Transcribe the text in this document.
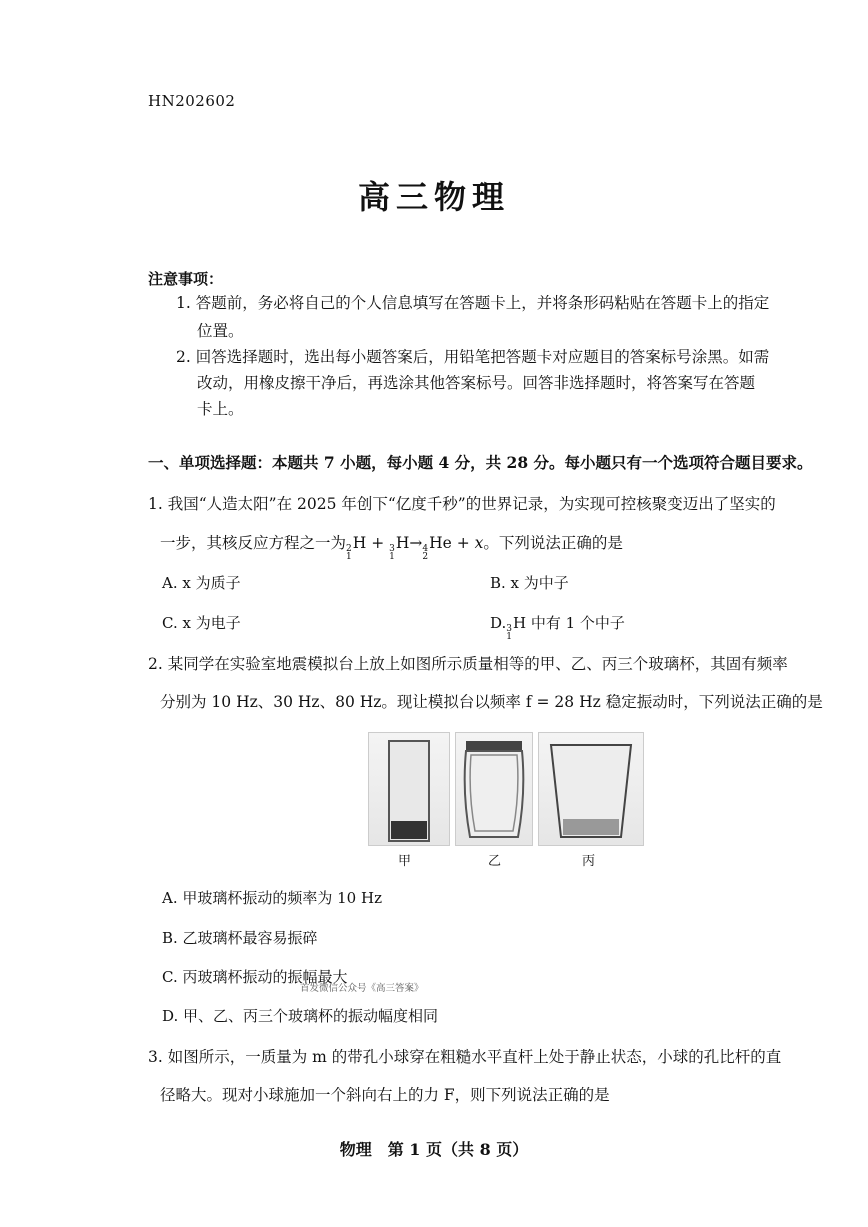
HN202602
高三物理
注意事项：
1. 答题前，务必将自己的个人信息填写在答题卡上，并将条形码粘贴在答题卡上的指定
位置。
2. 回答选择题时，选出每小题答案后，用铅笔把答题卡对应题目的答案标号涂黑。如需
改动，用橡皮擦干净后，再选涂其他答案标号。回答非选择题时，将答案写在答题
卡上。
一、单项选择题：本题共 7 小题，每小题 4 分，共 28 分。每小题只有一个选项符合题目要求。
1. 我国“人造太阳”在 2025 年创下“亿度千秒”的世界记录，为实现可控核聚变迈出了坚实的
一步，其核反应方程之一为 2
1
H + 3
1
H→ 4
2
He + x。下列说法正确的是
A. x 为质子	B. x 为中子
C. x 为电子	D. 3
1
H 中有 1 个中子
2. 某同学在实验室地震模拟台上放上如图所示质量相等的甲、乙、丙三个玻璃杯，其固有频率
分别为 10 Hz、30 Hz、80 Hz。现让模拟台以频率 f = 28 Hz 稳定振动时，下列说法正确的是
甲	乙	丙
A. 甲玻璃杯振动的频率为 10 Hz
B. 乙玻璃杯最容易振碎
C. 丙玻璃杯振动的振幅最大
首发微信公众号《高三答案》
D. 甲、乙、丙三个玻璃杯的振动幅度相同
3. 如图所示，一质量为 m 的带孔小球穿在粗糙水平直杆上处于静止状态，小球的孔比杆的直
径略大。现对小球施加一个斜向右上的力 F，则下列说法正确的是
物理　第 1 页（共 8 页）
